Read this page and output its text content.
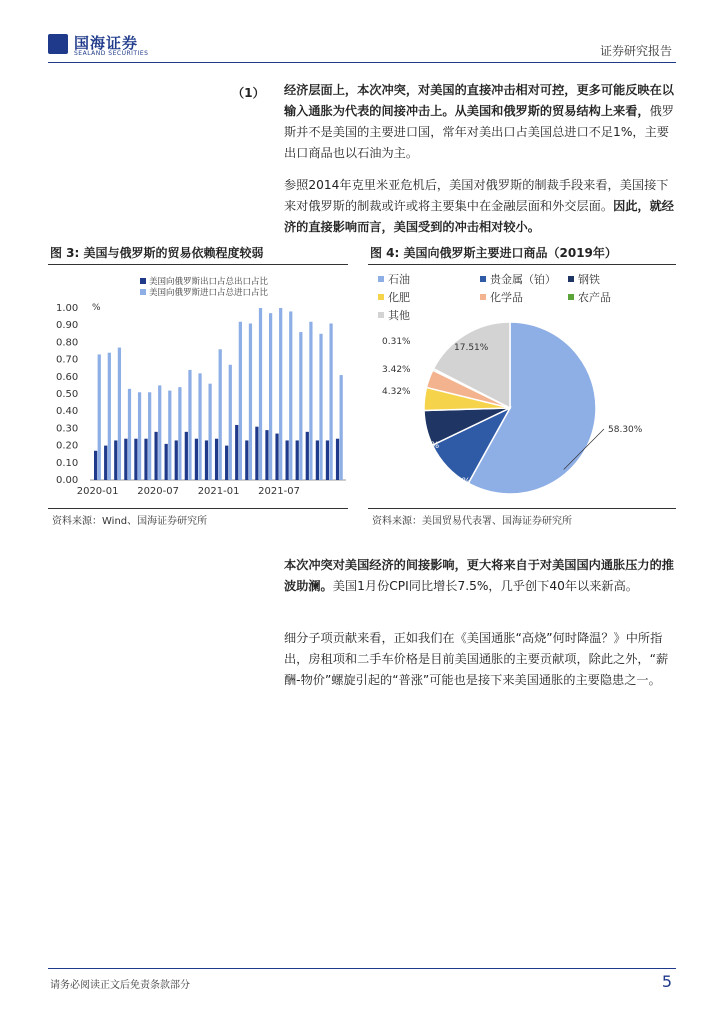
国海证券
SEALAND SECURITIES	证券研究报告
（1） 经济层面上，本次冲突，对美国的直接冲击相对可控，更多可能反映在以输入通胀为代表的间接冲击上。从美国和俄罗斯的贸易结构上来看，俄罗斯并不是美国的主要进口国，常年对美出口占美国总进口不足1%，主要出口商品也以石油为主。
参照2014年克里米亚危机后，美国对俄罗斯的制裁手段来看，美国接下来对俄罗斯的制裁或许或将主要集中在金融层面和外交层面。因此，就经济的直接影响而言，美国受到的冲击相对较小。
图 3: 美国与俄罗斯的贸易依赖程度较弱	图 4: 美国向俄罗斯主要进口商品（2019年）
美国向俄罗斯出口占总出口占比
美国向俄罗斯进口占总进口占比
%
0.00
0.10
0.20
0.30
0.40
0.50
0.60
0.70
0.80
0.90
1.00
2020-01 2020-07 2021-01 2021-07
石油	贵金属（铂） 钢铁
化肥	化学品	农产品
其他
58.30%
9.87%
8%
4.32%
3.42%
0.31%
17.51%
资料来源：Wind、国海证券研究所	资料来源：美国贸易代表署、国海证券研究所
本次冲突对美国经济的间接影响，更大将来自于对美国国内通胀压力的推波助澜。美国1月份CPI同比增长7.5%，几乎创下40年以来新高。
细分子项贡献来看，正如我们在《美国通胀“高烧”何时降温？》中所指出，房租项和二手车价格是目前美国通胀的主要贡献项，除此之外，“薪酬-物价”螺旋引起的“普涨”可能也是接下来美国通胀的主要隐患之一。
请务必阅读正文后免责条款部分	5
